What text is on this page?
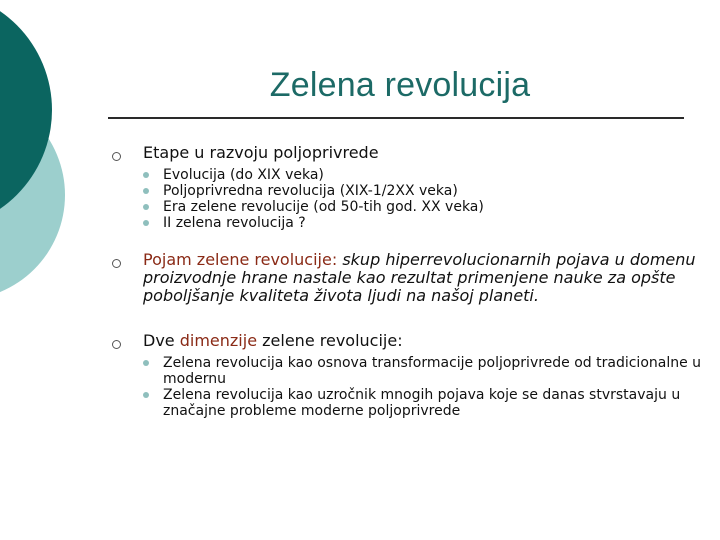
Zelena revolucija
Etape u razvoju poljoprivrede
Evolucija (do XIX veka)
Poljoprivredna revolucija (XIX-1/2XX veka)
Era zelene revolucije (od 50-tih god. XX veka)
II zelena revolucija ?
Pojam zelene revolucije: skup hiperrevolucionarnih pojava u domenu proizvodnje hrane nastale kao rezultat primenjene nauke za opšte poboljšanje kvaliteta života ljudi na našoj planeti.
Dve dimenzije zelene revolucije:
Zelena revolucija kao osnova transformacije poljoprivrede od tradicionalne u modernu
Zelena revolucija kao uzročnik mnogih pojava koje se danas stvrstavaju u značajne probleme moderne poljoprivrede
